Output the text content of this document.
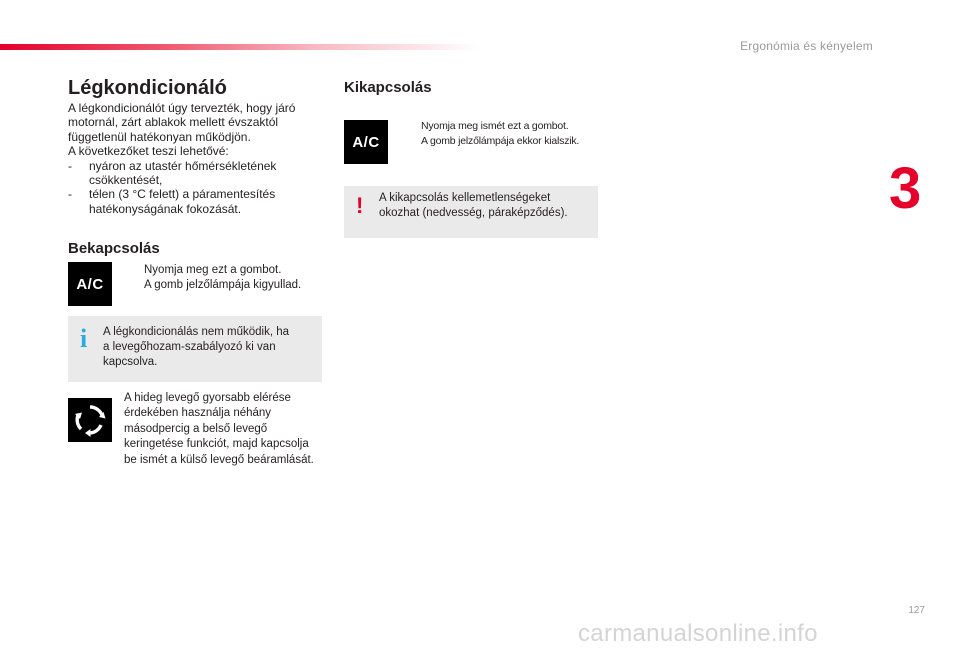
Ergonómia és kényelem
3
Légkondicionáló

A légkondicionálót úgy tervezték, hogy járó

motornál, zárt ablakok mellett évszaktól

függetlenül hatékonyan működjön.

A következőket teszi lehetővé:

- nyáron az utastér hőmérsékletének

csökkentését,

- télen (3 °C felett) a páramentesítés

hatékonyságának fokozását.

Bekapcsolás
A/C
Nyomja meg ezt a gombot.
A gomb jelzőlámpája kigyullad.
i A légkondicionálás nem működik, ha
a levegőhozam-szabályozó ki van
kapcsolva.
A hideg levegő gyorsabb elérése
érdekében használja néhány
másodpercig a belső levegő
keringetése funkciót, majd kapcsolja
be ismét a külső levegő beáramlását.
Kikapcsolás
A/C
Nyomja meg ismét ezt a gombot.
A gomb jelzőlámpája ekkor kialszik.
! A kikapcsolás kellemetlenségeket
okozhat (nedvesség, páraképződés).
127
carmanualsonline.info
